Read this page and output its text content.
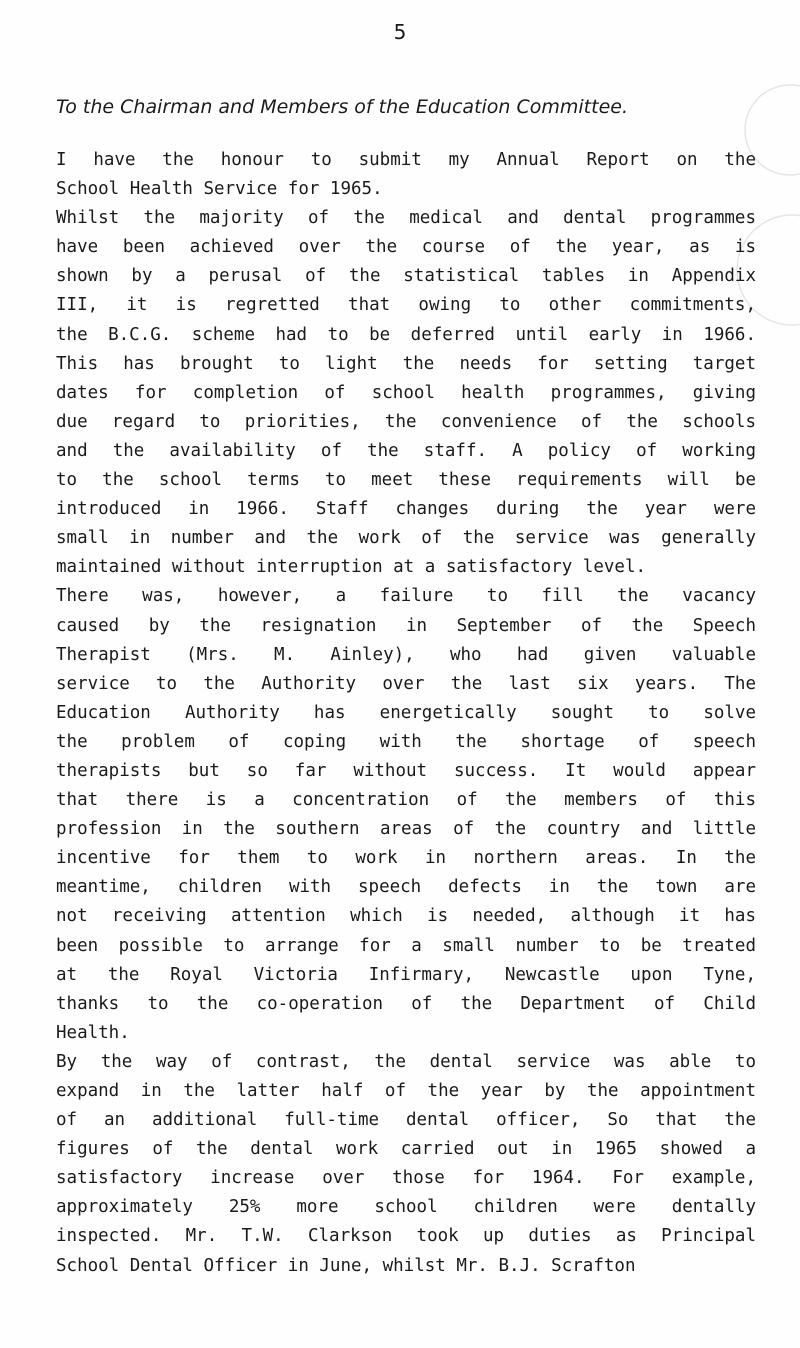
5
To the Chairman and Members of the Education Committee.
I have the honour to submit my Annual Report on the
School Health Service for 1965.
Whilst the majority of the medical and dental programmes
have been achieved over the course of the year, as is
shown by a perusal of the statistical tables in Appendix
III, it is regretted that owing to other commitments,
the B.C.G. scheme had to be deferred until early in 1966.
This has brought to light the needs for setting target
dates for completion of school health programmes, giving
due regard to priorities, the convenience of the schools
and the availability of the staff. A policy of working
to the school terms to meet these requirements will be
introduced in 1966. Staff changes during the year were
small in number and the work of the service was generally
maintained without interruption at a satisfactory level.
There was, however, a failure to fill the vacancy
caused by the resignation in September of the Speech
Therapist (Mrs. M. Ainley), who had given valuable
service to the Authority over the last six years. The
Education Authority has energetically sought to solve
the problem of coping with the shortage of speech
therapists but so far without success. It would appear
that there is a concentration of the members of this
profession in the southern areas of the country and little
incentive for them to work in northern areas. In the
meantime, children with speech defects in the town are
not receiving attention which is needed, although it has
been possible to arrange for a small number to be treated
at the Royal Victoria Infirmary, Newcastle upon Tyne,
thanks to the co-operation of the Department of Child
Health.
By the way of contrast, the dental service was able to
expand in the latter half of the year by the appointment
of an additional full-time dental officer, So that the
figures of the dental work carried out in 1965 showed a
satisfactory increase over those for 1964. For example,
approximately 25% more school children were dentally
inspected. Mr. T.W. Clarkson took up duties as Principal
School Dental Officer in June, whilst Mr. B.J. Scrafton
